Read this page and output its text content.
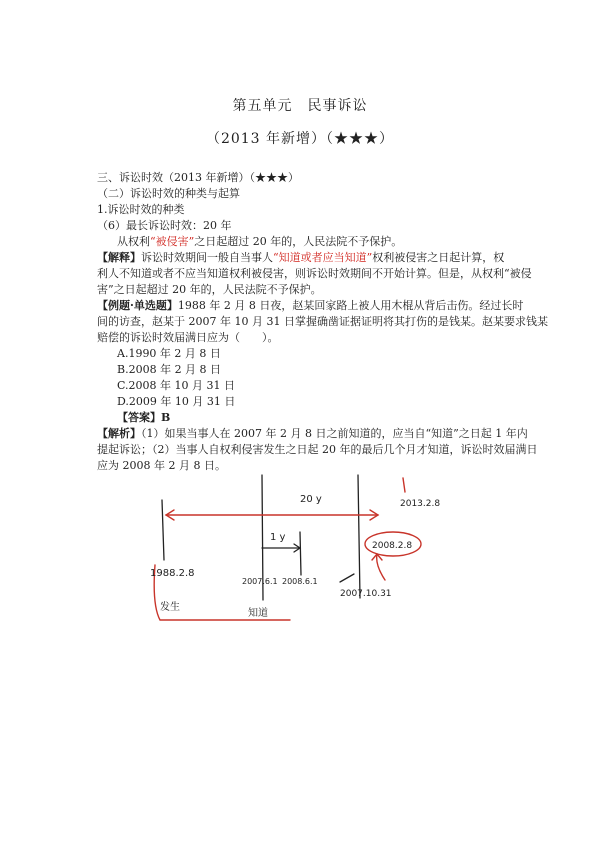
第五单元　民事诉讼
（2013 年新增）（★★★）
三、诉讼时效（2013 年新增）（★★★）
（二）诉讼时效的种类与起算
1.诉讼时效的种类
（6）最长诉讼时效：20 年
从权利“被侵害”之日起超过 20 年的，人民法院不予保护。
【解释】诉讼时效期间一般自当事人“知道或者应当知道”权利被侵害之日起计算，权
利人不知道或者不应当知道权利被侵害，则诉讼时效期间不开始计算。但是，从权利“被侵
害”之日起超过 20 年的，人民法院不予保护。
【例题·单选题】1988 年 2 月 8 日夜，赵某回家路上被人用木棍从背后击伤。经过长时
间的访查，赵某于 2007 年 10 月 31 日掌握确凿证据证明将其打伤的是钱某。赵某要求钱某
赔偿的诉讼时效届满日应为（　　）。
A.1990 年 2 月 8 日
B.2008 年 2 月 8 日
C.2008 年 10 月 31 日
D.2009 年 10 月 31 日
【答案】B
【解析】（1）如果当事人在 2007 年 2 月 8 日之前知道的，应当自“知道”之日起 1 年内
提起诉讼；（2）当事人自权利侵害发生之日起 20 年的最后几个月才知道，诉讼时效届满日
应为 2008 年 2 月 8 日。
20 y
1 y
1988.2.8
发生
2007.6.1 2008.6.1
知道
2007.10.31
2008.2.8
2013.2.8
